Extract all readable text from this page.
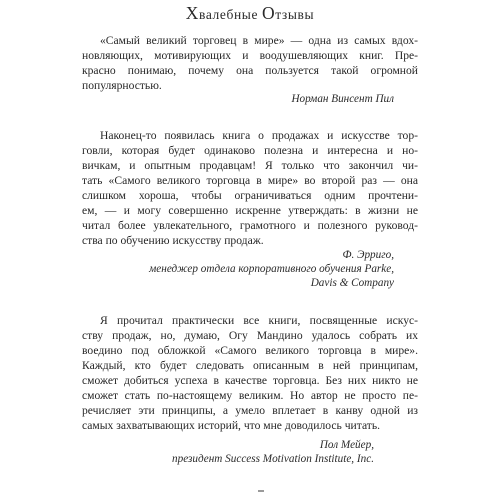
Хвалебные Отзывы
«Самый великий торговец в мире» — одна из самых вдох-
новляющих, мотивирующих и воодушевляющих книг. Пре-
красно понимаю, почему она пользуется такой огромной
популярностью.
Норман Винсент Пил
Наконец-то появилась книга о продажах и искусстве тор-
говли, которая будет одинаково полезна и интересна и но-
вичкам, и опытным продавцам! Я только что закончил чи-
тать «Самого великого торговца в мире» во второй раз — она
слишком хороша, чтобы ограничиваться одним прочтени-
ем, — и могу совершенно искренне утверждать: в жизни не
читал более увлекательного, грамотного и полезного руковод-
ства по обучению искусству продаж.
Ф. Эрриго,
менеджер отдела корпоративного обучения Parke,
Davis & Company
Я прочитал практически все книги, посвященные искус-
ству продаж, но, думаю, Огу Мандино удалось собрать их
воедино под обложкой «Самого великого торговца в мире».
Каждый, кто будет следовать описанным в ней принципам,
сможет добиться успеха в качестве торговца. Без них никто не
сможет стать по-настоящему великим. Но автор не просто пе-
речисляет эти принципы, а умело вплетает в канву одной из
самых захватывающих историй, что мне доводилось читать.
Пол Мейер,
президент Success Motivation Institute, Inc.
